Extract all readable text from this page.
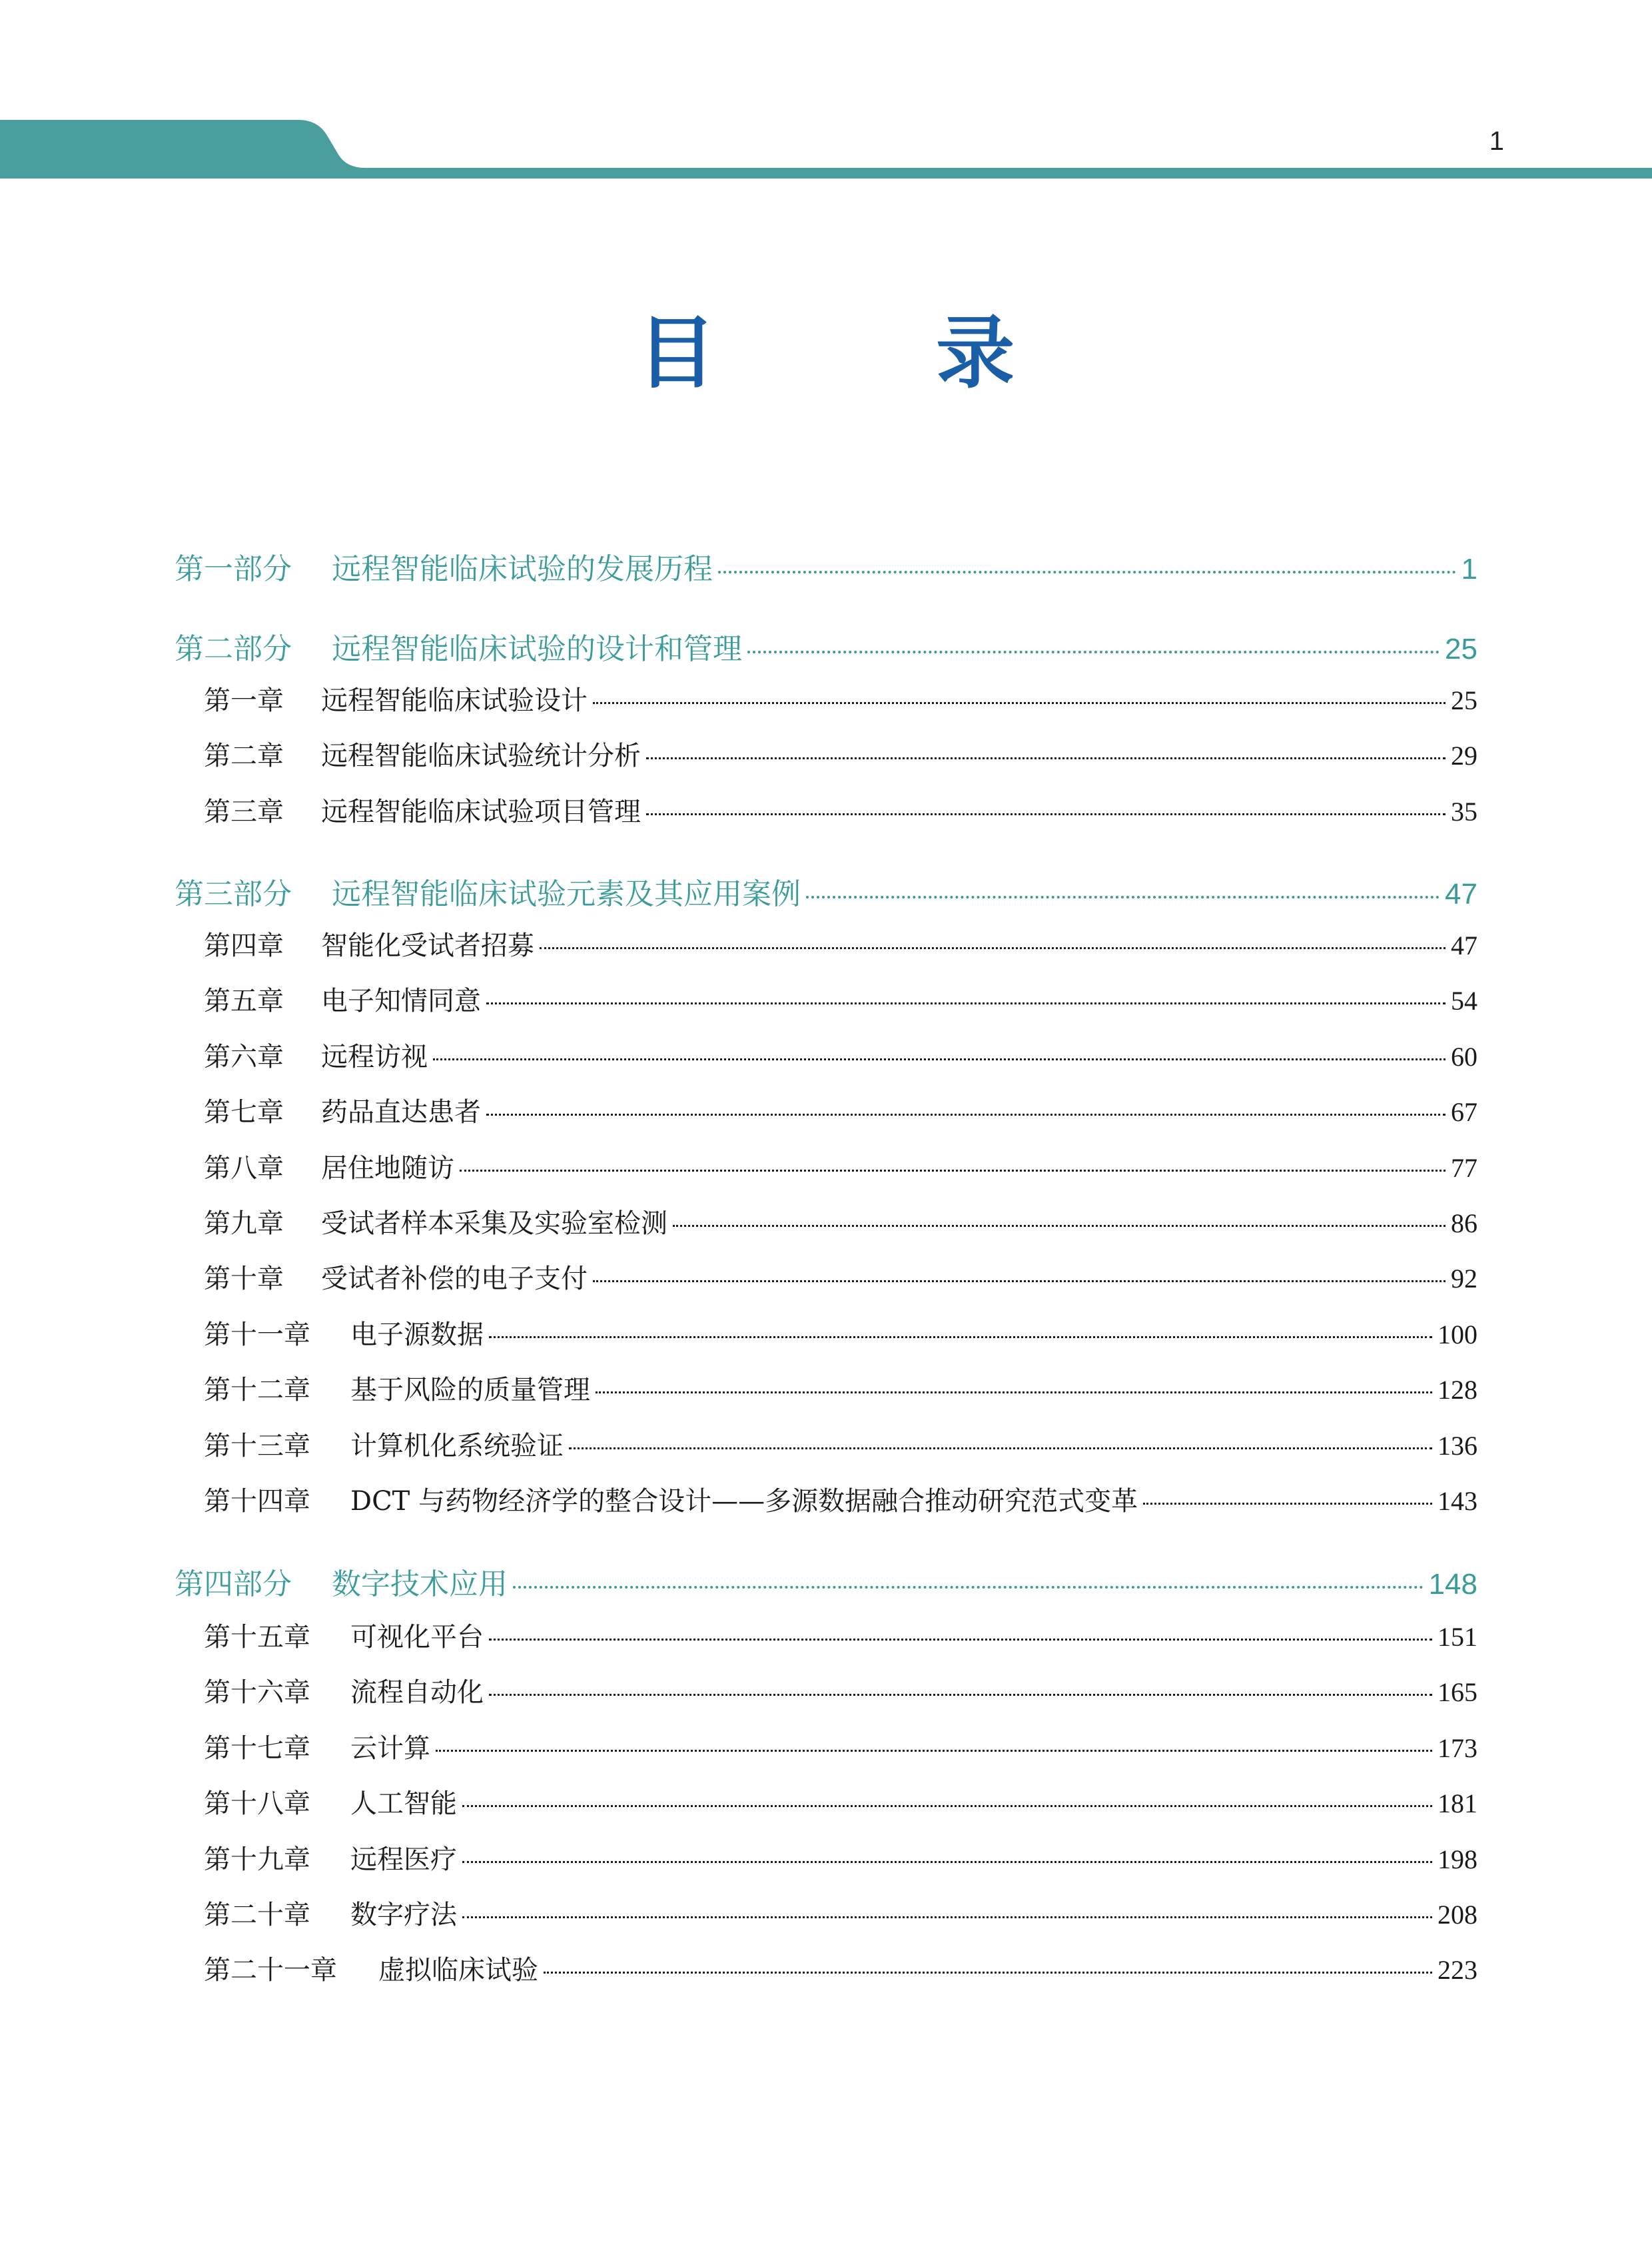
1
目　录
第一部分	远程智能临床试验的发展历程	1
第二部分	远程智能临床试验的设计和管理	25
第一章	远程智能临床试验设计	25
第二章	远程智能临床试验统计分析	29
第三章	远程智能临床试验项目管理	35
第三部分	远程智能临床试验元素及其应用案例	47
第四章	智能化受试者招募	47
第五章	电子知情同意	54
第六章	远程访视	60
第七章	药品直达患者	67
第八章	居住地随访	77
第九章	受试者样本采集及实验室检测	86
第十章	受试者补偿的电子支付	92
第十一章	电子源数据	100
第十二章	基于风险的质量管理	128
第十三章	计算机化系统验证	136
第十四章	DCT 与药物经济学的整合设计——多源数据融合推动研究范式变革	143
第四部分	数字技术应用	148
第十五章	可视化平台	151
第十六章	流程自动化	165
第十七章	云计算	173
第十八章	人工智能	181
第十九章	远程医疗	198
第二十章	数字疗法	208
第二十一章	虚拟临床试验	223
